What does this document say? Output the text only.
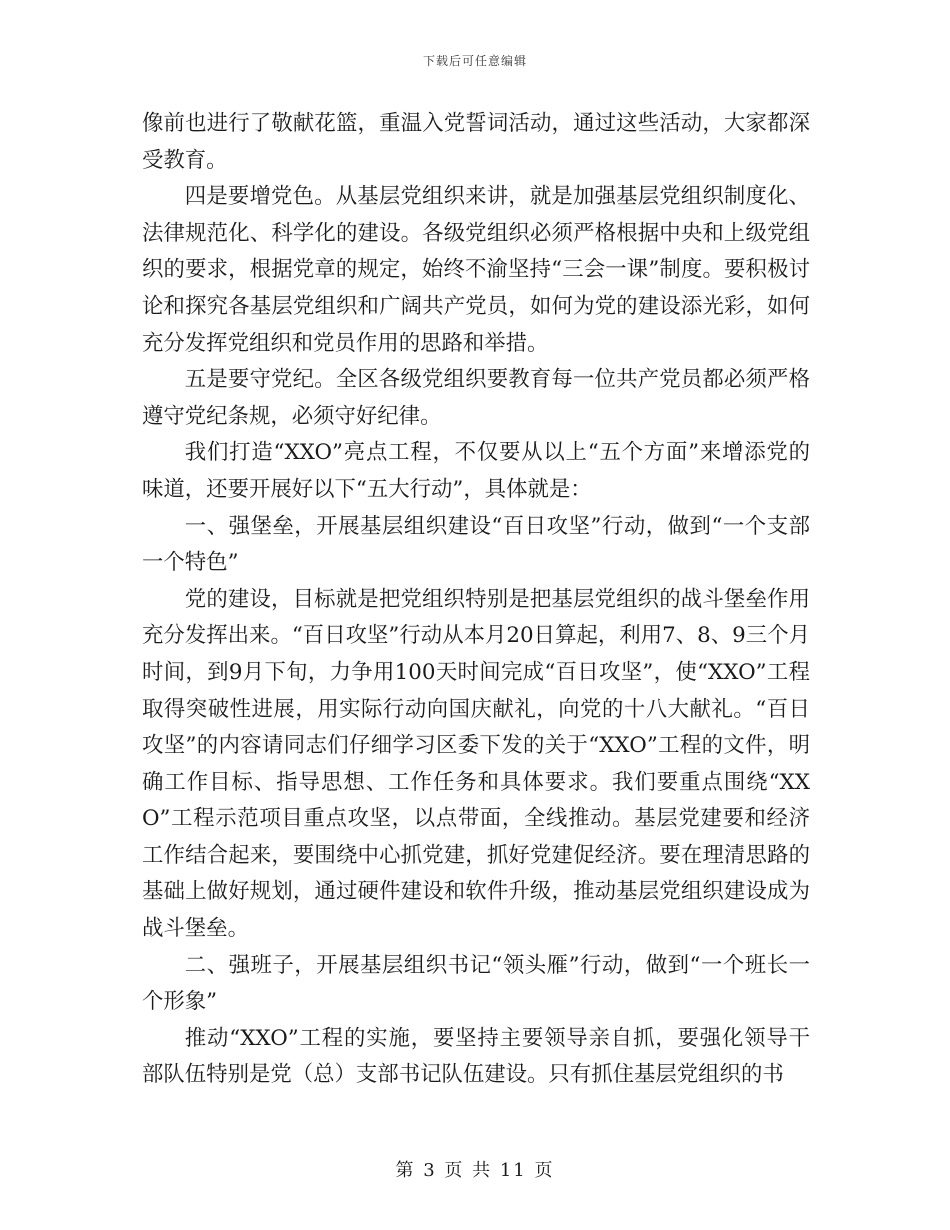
下载后可任意编辑

像前也进行了敬献花篮，重温入党誓词活动，通过这些活动，大家都深受教育。

四是要增党色。从基层党组织来讲，就是加强基层党组织制度化、法律规范化、科学化的建设。各级党组织必须严格根据中央和上级党组织的要求，根据党章的规定，始终不渝坚持“三会一课”制度。要积极讨论和探究各基层党组织和广阔共产党员，如何为党的建设添光彩，如何充分发挥党组织和党员作用的思路和举措。

五是要守党纪。全区各级党组织要教育每一位共产党员都必须严格遵守党纪条规，必须守好纪律。

我们打造“XXO”亮点工程，不仅要从以上“五个方面”来增添党的味道，还要开展好以下“五大行动”，具体就是：

一、强堡垒，开展基层组织建设“百日攻坚”行动，做到“一个支部一个特色”

党的建设，目标就是把党组织特别是把基层党组织的战斗堡垒作用充分发挥出来。“百日攻坚”行动从本月20日算起，利用7、8、9三个月时间，到9月下旬，力争用100天时间完成“百日攻坚”，使“XXO”工程取得突破性进展，用实际行动向国庆献礼，向党的十八大献礼。“百日攻坚”的内容请同志们仔细学习区委下发的关于“XXO”工程的文件，明确工作目标、指导思想、工作任务和具体要求。我们要重点围绕“XXO”工程示范项目重点攻坚，以点带面，全线推动。基层党建要和经济工作结合起来，要围绕中心抓党建，抓好党建促经济。要在理清思路的基础上做好规划，通过硬件建设和软件升级，推动基层党组织建设成为战斗堡垒。

二、强班子，开展基层组织书记“领头雁”行动，做到“一个班长一个形象”

推动“XXO”工程的实施，要坚持主要领导亲自抓，要强化领导干部队伍特别是党（总）支部书记队伍建设。只有抓住基层党组织的书

第 3 页 共 11 页
